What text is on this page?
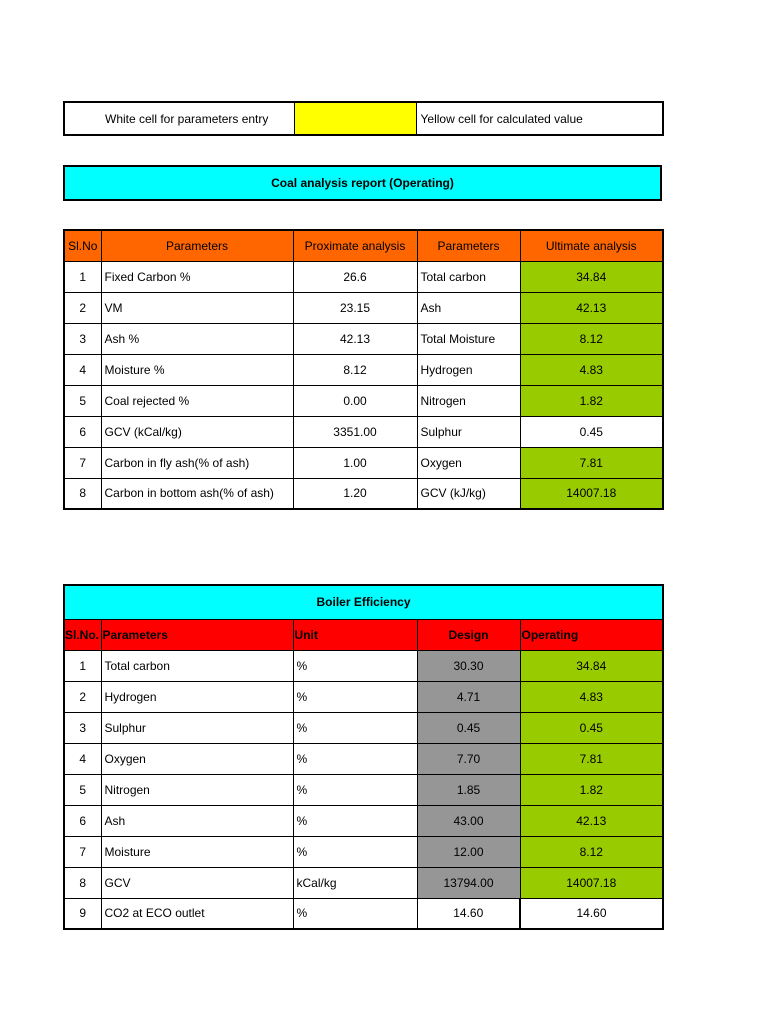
White cell for parameters entry		Yellow cell for calculated value
Coal analysis report (Operating)
Sl.No	Parameters	Proximate analysis	Parameters	Ultimate analysis
1	Fixed Carbon %	26.6	Total carbon	34.84
2	VM	23.15	Ash	42.13
3	Ash %	42.13	Total Moisture	8.12
4	Moisture %	8.12	Hydrogen	4.83
5	Coal rejected %	0.00	Nitrogen	1.82
6	GCV (kCal/kg)	3351.00	Sulphur	0.45
7	Carbon in fly ash(% of ash)	1.00	Oxygen	7.81
8	Carbon in bottom ash(% of ash)	1.20	GCV (kJ/kg)	14007.18
Boiler Efficiency				
Sl.No.	Parameters	Unit	Design	Operating
1	Total carbon	%	30.30	34.84
2	Hydrogen	%	4.71	4.83
3	Sulphur	%	0.45	0.45
4	Oxygen	%	7.70	7.81
5	Nitrogen	%	1.85	1.82
6	Ash	%	43.00	42.13
7	Moisture	%	12.00	8.12
8	GCV	kCal/kg	13794.00	14007.18
9	CO2 at ECO outlet	%	14.60	14.60
